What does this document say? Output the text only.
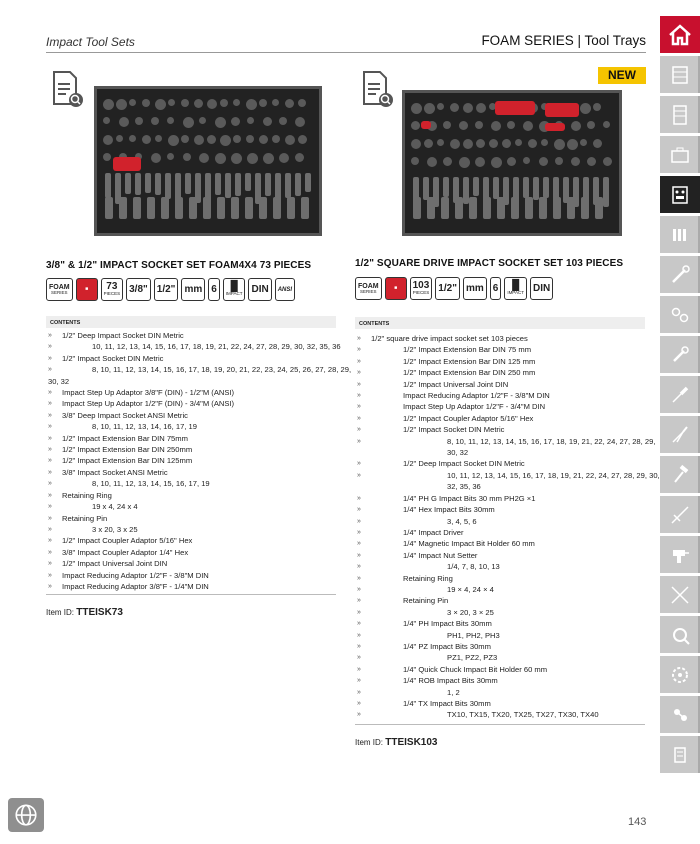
Impact Tool Sets	FOAM SERIES | Tool Trays
3/8" & 1/2" IMPACT SOCKET SET FOAM4X4 73 PIECES
FOAM
SERIES
■ 73
PIECES 3/8" 1/2" mm 6 █
IMPACT DIN ANSI
CONTENTS
»	1/2" Deep Impact Socket DIN Metric
»	10, 11, 12, 13, 14, 15, 16, 17, 18, 19, 21, 22, 24, 27, 28, 29, 30, 32, 35, 36
»	1/2" Impact Socket DIN Metric
»	8, 10, 11, 12, 13, 14, 15, 16, 17, 18, 19, 20, 21, 22, 23, 24, 25, 26, 27, 28, 29,
30, 32
»	Impact Step Up Adaptor 3/8"F (DIN) - 1/2"M (ANSI)
»	Impact Step Up Adaptor 1/2"F (DIN) - 3/4"M (ANSI)
»	3/8" Deep Impact Socket ANSI Metric
»	8, 10, 11, 12, 13, 14, 16, 17, 19
»	1/2" Impact Extension Bar DIN 75mm
»	1/2" Impact Extension Bar DIN 250mm
»	1/2" Impact Extension Bar DIN 125mm
»	3/8" Impact Socket ANSI Metric
»	8, 10, 11, 12, 13, 14, 15, 16, 17, 19
»	Retaining Ring
»	19 x 4, 24 x 4
»	Retaining Pin
»	3 x 20, 3 x 25
»	1/2" Impact Coupler Adaptor 5/16" Hex
»	3/8" Impact Coupler Adaptor 1/4" Hex
»	1/2" Impact Universal Joint DIN
»	Impact Reducing Adaptor 1/2"F - 3/8"M DIN
»	Impact Reducing Adaptor 3/8"F - 1/4"M DIN
Item ID: TTEISK73
NEW
1/2" SQUARE DRIVE IMPACT SOCKET SET 103 PIECES
FOAM
SERIES
■ 103
PIECES 1/2" mm 6 █
IMPACT DIN
CONTENTS
»	1/2" square drive impact socket set 103 pieces
»	1/2" Impact Extension Bar DIN 75 mm
»	1/2" Impact Extension Bar DIN 125 mm
»	1/2" Impact Extension Bar DIN 250 mm
»	1/2" Impact Universal Joint DIN
»	Impact Reducing Adaptor 1/2"F - 3/8"M DIN
»	Impact Step Up Adaptor 1/2"F - 3/4"M DIN
»	1/2" Impact Coupler Adaptor 5/16" Hex
»	1/2" Impact Socket DIN Metric
»	8, 10, 11, 12, 13, 14, 15, 16, 17, 18, 19, 21, 22, 24, 27, 28, 29,
30, 32
»	1/2" Deep Impact Socket DIN Metric
»	10, 11, 12, 13, 14, 15, 16, 17, 18, 19, 21, 22, 24, 27, 28, 29, 30,
32, 35, 36
»	1/4" PH G Impact Bits 30 mm PH2G ×1
»	1/4" Hex Impact Bits 30mm
»	3, 4, 5, 6
»	1/4" Impact Driver
»	1/4" Magnetic Impact Bit Holder 60 mm
»	1/4" Impact Nut Setter
»	1/4, 7, 8, 10, 13
»	Retaining Ring
»	19 × 4, 24 × 4
»	Retaining Pin
»	3 × 20, 3 × 25
»	1/4" PH Impact Bits 30mm
»	PH1, PH2, PH3
»	1/4" PZ Impact Bits 30mm
»	PZ1, PZ2, PZ3
»	1/4" Quick Chuck Impact Bit Holder 60 mm
»	1/4" ROB Impact Bits 30mm
»	1, 2
»	1/4" TX Impact Bits 30mm
»	TX10, TX15, TX20, TX25, TX27, TX30, TX40
Item ID: TTEISK103
143
